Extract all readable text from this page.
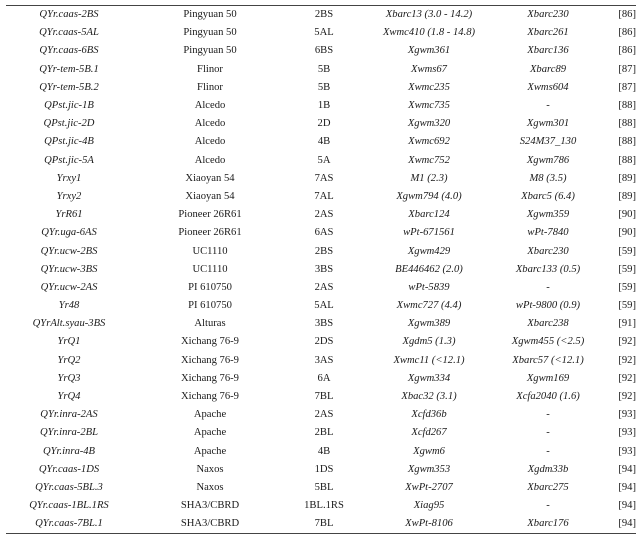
QYr.caas-2BS	Pingyuan 50	2BS	Xbarc13 (3.0 - 14.2)	Xbarc230	[86]
QYr.caas-5AL	Pingyuan 50	5AL	Xwmc410 (1.8 - 14.8)	Xbarc261	[86]
QYr.caas-6BS	Pingyuan 50	6BS	Xgwm361	Xbarc136	[86]
QYr-tem-5B.1	Flinor	5B	Xwms67	Xbarc89	[87]
QYr-tem-5B.2	Flinor	5B	Xwmc235	Xwms604	[87]
QPst.jic-1B	Alcedo	1B	Xwmc735	-	[88]
QPst.jic-2D	Alcedo	2D	Xgwm320	Xgwm301	[88]
QPst.jic-4B	Alcedo	4B	Xwmc692	S24M37_130	[88]
QPst.jic-5A	Alcedo	5A	Xwmc752	Xgwm786	[88]
Yrxy1	Xiaoyan 54	7AS	M1 (2.3)	M8 (3.5)	[89]
Yrxy2	Xiaoyan 54	7AL	Xgwm794 (4.0)	Xbarc5 (6.4)	[89]
YrR61	Pioneer 26R61	2AS	Xbarc124	Xgwm359	[90]
QYr.uga-6AS	Pioneer 26R61	6AS	wPt-671561	wPt-7840	[90]
QYr.ucw-2BS	UC1110	2BS	Xgwm429	Xbarc230	[59]
QYr.ucw-3BS	UC1110	3BS	BE446462 (2.0)	Xbarc133 (0.5)	[59]
QYr.ucw-2AS	PI 610750	2AS	wPt-5839	-	[59]
Yr48	PI 610750	5AL	Xwmc727 (4.4)	wPt-9800 (0.9)	[59]
QYrAlt.syau-3BS	Alturas	3BS	Xgwm389	Xbarc238	[91]
YrQ1	Xichang 76-9	2DS	Xgdm5 (1.3)	Xgwm455 (<2.5)	[92]
YrQ2	Xichang 76-9	3AS	Xwmc11 (<12.1)	Xbarc57 (<12.1)	[92]
YrQ3	Xichang 76-9	6A	Xgwm334	Xgwm169	[92]
YrQ4	Xichang 76-9	7BL	Xbac32 (3.1)	Xcfa2040 (1.6)	[92]
QYr.inra-2AS	Apache	2AS	Xcfd36b	-	[93]
QYr.inra-2BL	Apache	2BL	Xcfd267	-	[93]
QYr.inra-4B	Apache	4B	Xgwm6	-	[93]
QYr.caas-1DS	Naxos	1DS	Xgwm353	Xgdm33b	[94]
QYr.caas-5BL.3	Naxos	5BL	XwPt-2707	Xbarc275	[94]
QYr.caas-1BL.1RS	SHA3/CBRD	1BL.1RS	Xiag95	-	[94]
QYr.caas-7BL.1	SHA3/CBRD	7BL	XwPt-8106	Xbarc176	[94]
